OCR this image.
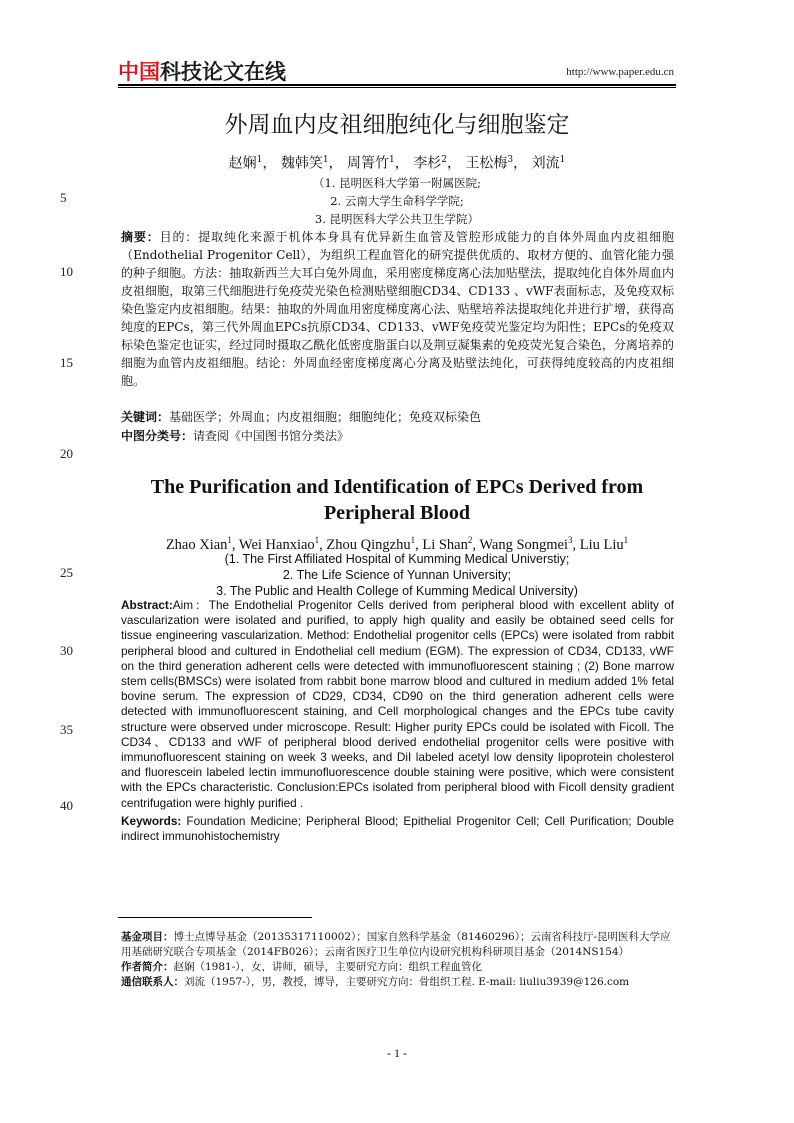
中国科技论文在线	http://www.paper.edu.cn
外周血内皮祖细胞纯化与细胞鉴定
赵娴$^1$， 魏韩笑$^1$， 周箐竹$^1$， 李杉$^2$， 王松梅$^3$， 刘流$^1$
（1. 昆明医科大学第一附属医院;
2. 云南大学生命科学学院;
3. 昆明医科大学公共卫生学院）
摘要：目的：提取纯化来源于机体本身具有优异新生血管及管腔形成能力的自体外周血内皮祖细胞（Endothelial Progenitor Cell），为组织工程血管化的研究提供优质的、取材方便的、血管化能力强的种子细胞。方法：抽取新西兰大耳白兔外周血，采用密度梯度离心法加贴壁法，提取纯化自体外周血内皮祖细胞，取第三代细胞进行免疫荧光染色检测贴壁细胞CD34、CD133 、vWF表面标志，及免疫双标染色鉴定内皮祖细胞。结果：抽取的外周血用密度梯度离心法、贴壁培养法提取纯化并进行扩增，获得高纯度的EPCs，第三代外周血EPCs抗原CD34、CD133、vWF免疫荧光鉴定均为阳性；EPCs的免疫双标染色鉴定也证实，经过同时摄取乙酰化低密度脂蛋白以及荆豆凝集素的免疫荧光复合染色，分离培养的细胞为血管内皮祖细胞。结论：外周血经密度梯度离心分离及贴壁法纯化，可获得纯度较高的内皮祖细胞。
关键词：基础医学；外周血；内皮祖细胞；细胞纯化；免疫双标染色
中图分类号：请查阅《中国图书馆分类法》
The Purification and Identification of EPCs Derived from
Peripheral Blood
Zhao Xian$^1$, Wei Hanxiao$^1$, Zhou Qingzhu$^1$, Li Shan$^2$, Wang Songmei$^3$, Liu Liu$^1$
(1. The First Affiliated Hospital of Kumming Medical Universtiy;
2. The Life Science of Yunnan University;
3. The Public and Health College of Kumming Medical University)
Abstract:Aim：The Endothelial Progenitor Cells derived from peripheral blood with excellent ablity of vascularization were isolated and purified, to apply high quality and easily be obtained seed cells for tissue engineering vascularization. Method: Endothelial progenitor cells (EPCs) were isolated from rabbit peripheral blood and cultured in Endothelial cell medium (EGM). The expression of CD34, CD133, vWF on the third generation adherent cells were detected with immunofluorescent staining ; (2) Bone marrow stem cells(BMSCs) were isolated from rabbit bone marrow blood and cultured in medium added 1% fetal bovine serum. The expression of CD29, CD34, CD90 on the third generation adherent cells were detected with immunofluorescent staining, and Cell morphological changes and the EPCs tube cavity structure were observed under microscope. Result: Higher purity EPCs could be isolated with Ficoll. The CD34、CD133 and vWF of peripheral blood derived endothelial progenitor cells were positive with immunofluorescent staining on week 3 weeks, and DiI labeled acetyl low density lipoprotein cholesterol and fluorescein labeled lectin immunofluorescence double staining were positive, which were consistent with the EPCs characteristic. Conclusion:EPCs isolated from peripheral blood with Ficoll density gradient centrifugation were highly purified .
Keywords: Foundation Medicine; Peripheral Blood; Epithelial Progenitor Cell; Cell Purification; Double indirect immunohistochemistry
5
10
15
20
25
30
35
40

基金项目：博士点博导基金（20135317110002）；国家自然科学基金（81460296）；云南省科技厅-昆明医科大学应用基础研究联合专项基金（2014FB026）；云南省医疗卫生单位内设研究机构科研项目基金（2014NS154）

作者简介：赵娴（1981-），女，讲师，硕导，主要研究方向：组织工程血管化

通信联系人：刘流（1957-），男，教授，博导，主要研究方向：骨组织工程. E-mail: liuliu3939@126.com

- 1 -
